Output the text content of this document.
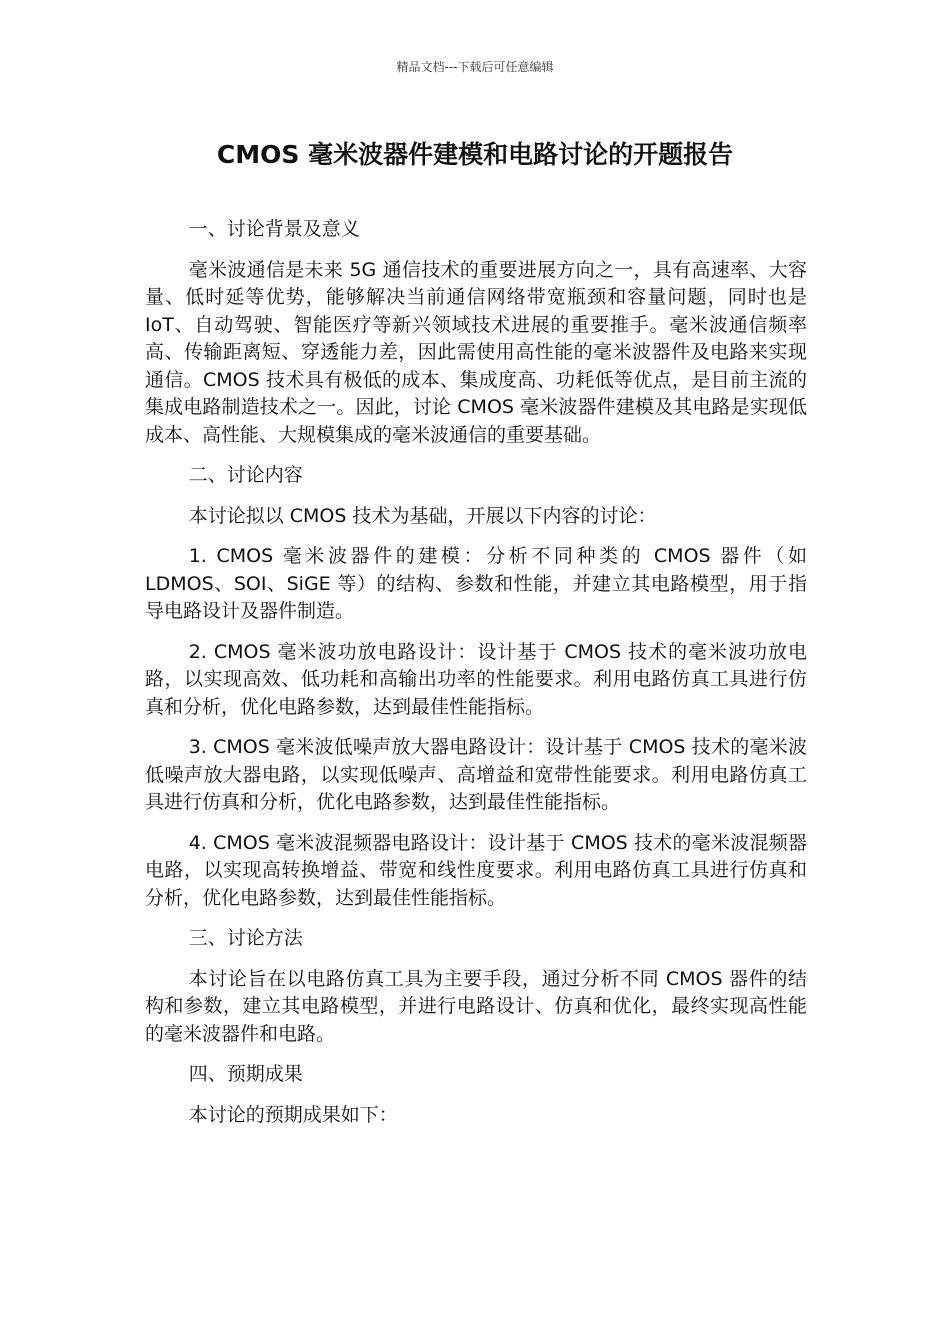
精品文档---下载后可任意编辑
CMOS 毫米波器件建模和电路讨论的开题报告

一、讨论背景及意义

毫米波通信是未来 5G 通信技术的重要进展方向之一，具有高速率、大容量、低时延等优势，能够解决当前通信网络带宽瓶颈和容量问题，同时也是 IoT、自动驾驶、智能医疗等新兴领域技术进展的重要推手。毫米波通信频率高、传输距离短、穿透能力差，因此需使用高性能的毫米波器件及电路来实现通信。CMOS 技术具有极低的成本、集成度高、功耗低等优点，是目前主流的集成电路制造技术之一。因此，讨论 CMOS 毫米波器件建模及其电路是实现低成本、高性能、大规模集成的毫米波通信的重要基础。

二、讨论内容

本讨论拟以 CMOS 技术为基础，开展以下内容的讨论：

1. CMOS 毫米波器件的建模：分析不同种类的 CMOS 器件（如 LDMOS、SOI、SiGE 等）的结构、参数和性能，并建立其电路模型，用于指导电路设计及器件制造。

2. CMOS 毫米波功放电路设计：设计基于 CMOS 技术的毫米波功放电路，以实现高效、低功耗和高输出功率的性能要求。利用电路仿真工具进行仿真和分析，优化电路参数，达到最佳性能指标。

3. CMOS 毫米波低噪声放大器电路设计：设计基于 CMOS 技术的毫米波低噪声放大器电路，以实现低噪声、高增益和宽带性能要求。利用电路仿真工具进行仿真和分析，优化电路参数，达到最佳性能指标。

4. CMOS 毫米波混频器电路设计：设计基于 CMOS 技术的毫米波混频器电路，以实现高转换增益、带宽和线性度要求。利用电路仿真工具进行仿真和分析，优化电路参数，达到最佳性能指标。

三、讨论方法

本讨论旨在以电路仿真工具为主要手段，通过分析不同 CMOS 器件的结构和参数，建立其电路模型，并进行电路设计、仿真和优化，最终实现高性能的毫米波器件和电路。

四、预期成果

本讨论的预期成果如下：
